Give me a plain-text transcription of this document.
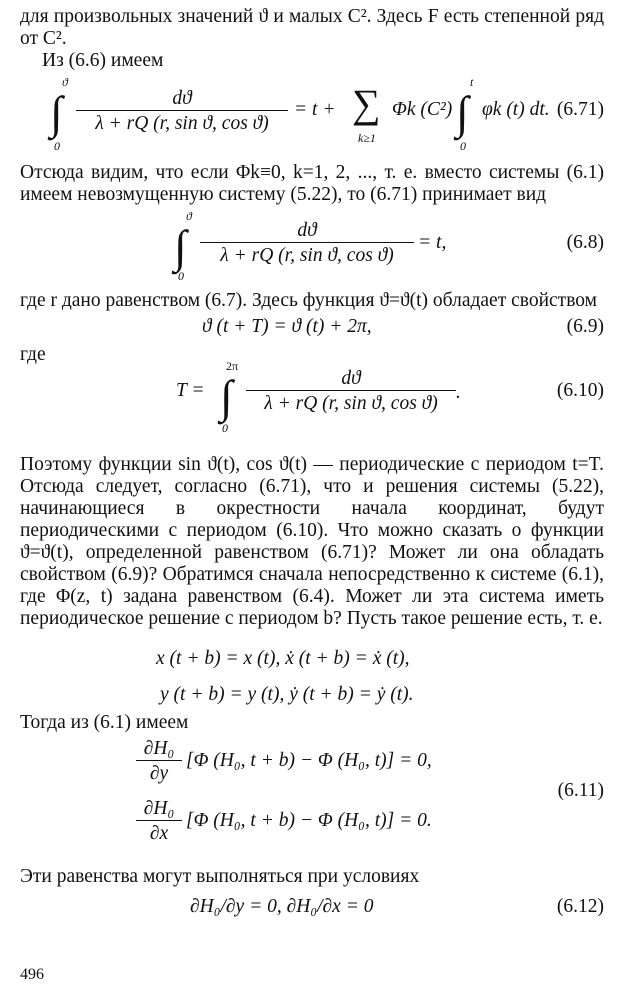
для произвольных значений ϑ и малых C². Здесь F есть степенной ряд от C².

Из (6.6) имеем

ϑ
∫
0
$\frac{dϑ}{\text{λ + rQ (r, sin ϑ, cos ϑ)}} = t$ + ∑
k≥1
Φk (C²)
t
∫
0
φk (t) dt. (6.71)

Отсюда видим, что если Φk≡0, k=1, 2, ..., т. е. вместо системы (6.1) имеем невозмущенную систему (5.22), то (6.71) принимает вид

ϑ
∫
0
$\frac{dϑ}{\text{λ + rQ (r, sin ϑ, cos ϑ)}} = t$,	(6.8)

где r дано равенством (6.7). Здесь функция ϑ=ϑ(t) обладает свойством

ϑ (t + T) = ϑ (t) + 2π,	(6.9)

где

T =
2π
∫
0
$\frac{dϑ}{\text{λ + rQ (r, sin ϑ, cos ϑ)}}$ .	(6.10)

Поэтому функции sin ϑ(t), cos ϑ(t) — периодические с периодом t=T. Отсюда следует, согласно (6.71), что и решения системы (5.22), начинающиеся в окрестности начала координат, будут периодическими с периодом (6.10). Что можно сказать о функции ϑ=ϑ(t), определенной равенством (6.71)? Может ли она обладать свойством (6.9)? Обратимся сначала непосредственно к системе (6.1), где Φ(z, t) задана равенством (6.4). Может ли эта система иметь периодическое решение с периодом b? Пусть такое решение есть, т. е.

x (t + b) = x (t), ẋ (t + b) = ẋ (t),
y (t + b) = y (t), ẏ (t + b) = ẏ (t).

Тогда из (6.1) имеем

$\frac{\text{∂H₀}}{\partial y} [\Phi$ (H₀, t + b) − Φ (H₀, t)] = 0,
$\frac{\text{∂H₀}}{\partial x} [\Phi$ (H₀, t + b) − Φ (H₀, t)] = 0.
(6.11)

Эти равенства могут выполняться при условиях

∂H₀/∂y = 0, ∂H₀/∂x = 0	(6.12)
496
